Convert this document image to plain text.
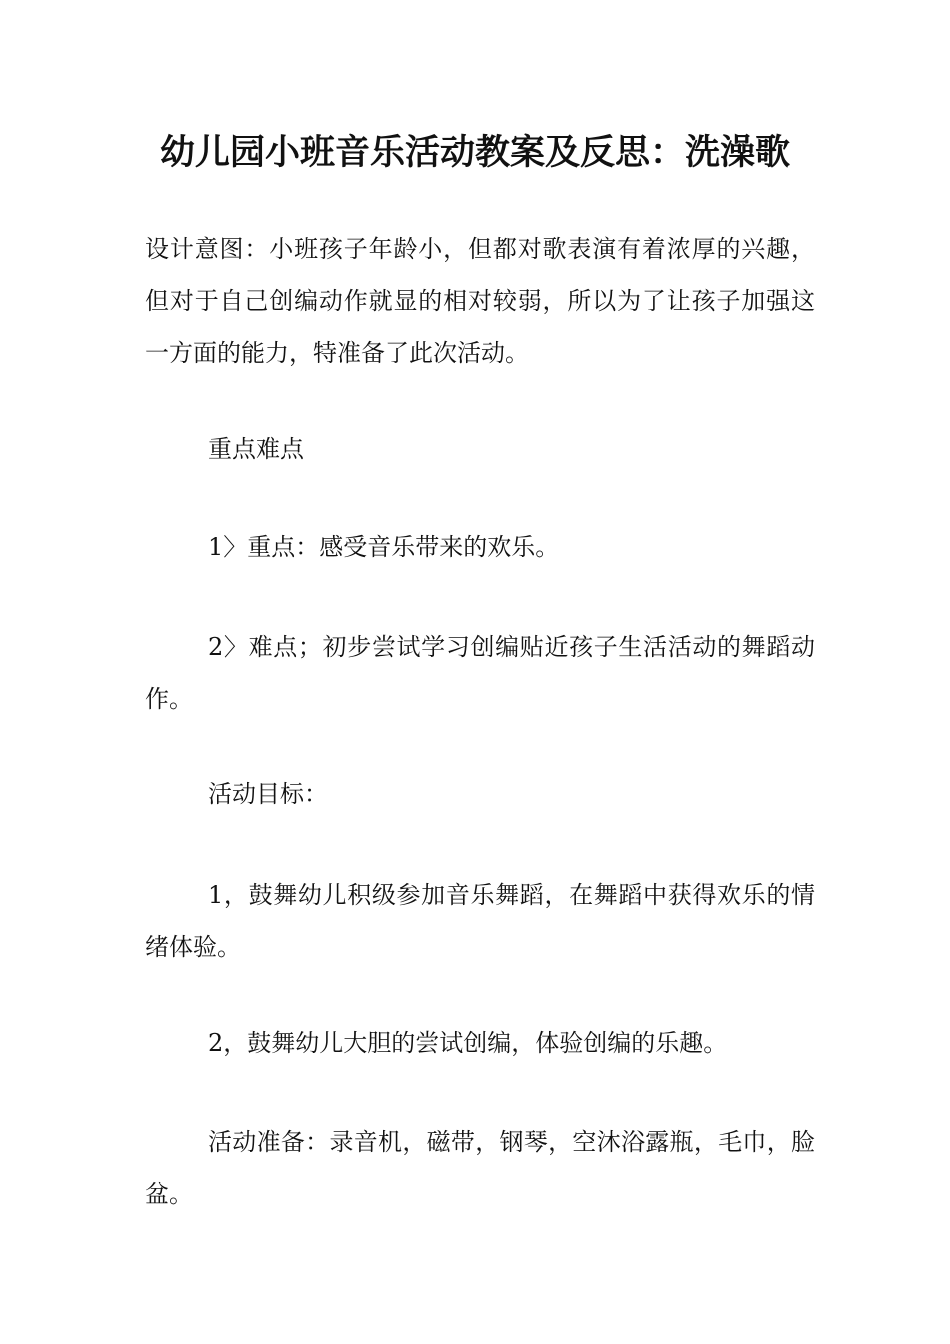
幼儿园小班音乐活动教案及反思：洗澡歌

设计意图：小班孩子年龄小，但都对歌表演有着浓厚的兴趣，但对于自己创编动作就显的相对较弱，所以为了让孩子加强这一方面的能力，特准备了此次活动。

重点难点

1〉重点：感受音乐带来的欢乐。

2〉难点；初步尝试学习创编贴近孩子生活活动的舞蹈动作。

活动目标：

1，鼓舞幼儿积级参加音乐舞蹈，在舞蹈中获得欢乐的情绪体验。

2，鼓舞幼儿大胆的尝试创编，体验创编的乐趣。

活动准备：录音机，磁带，钢琴，空沐浴露瓶，毛巾，脸盆。
